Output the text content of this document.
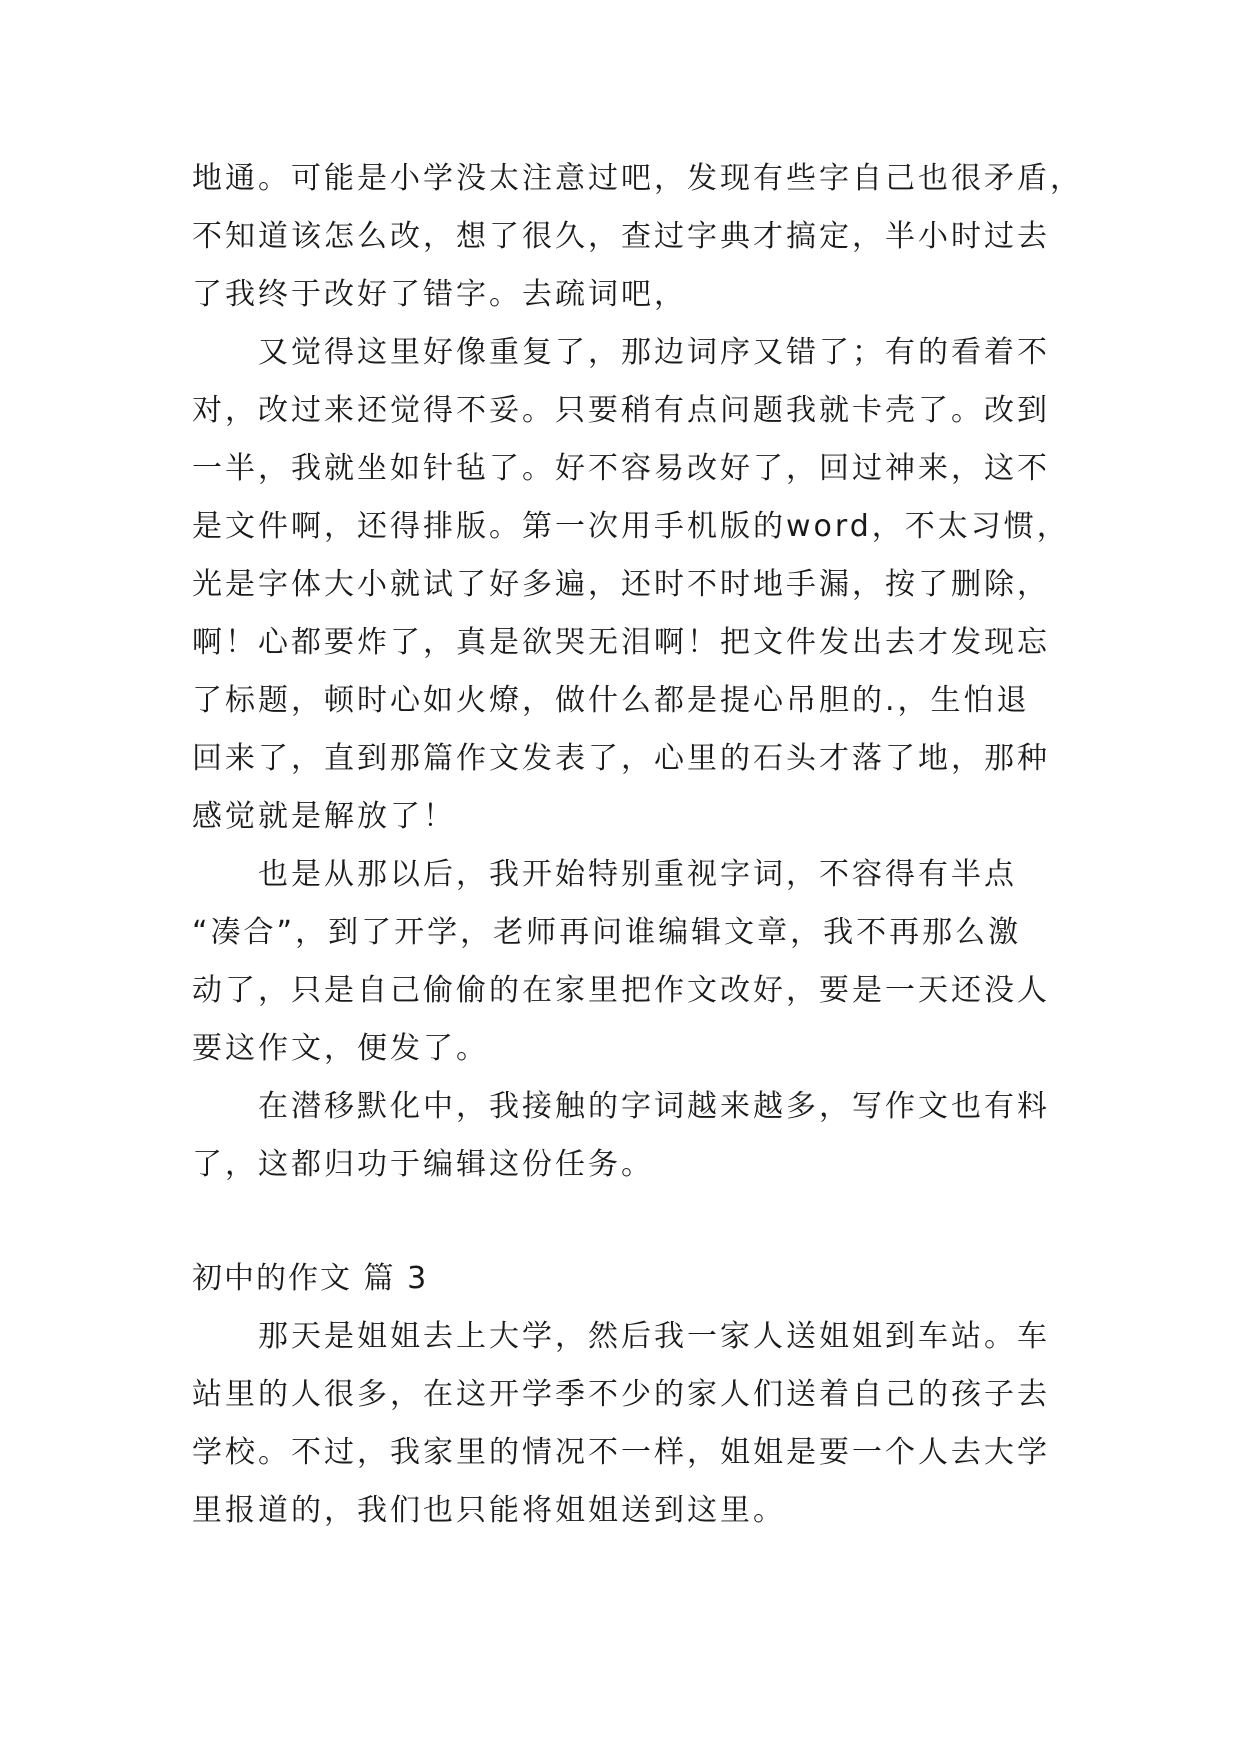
地通。可能是小学没太注意过吧，发现有些字自己也很矛盾，
不知道该怎么改，想了很久，查过字典才搞定，半小时过去
了我终于改好了错字。去疏词吧，
又觉得这里好像重复了，那边词序又错了；有的看着不
对，改过来还觉得不妥。只要稍有点问题我就卡壳了。改到
一半，我就坐如针毡了。好不容易改好了，回过神来，这不
是文件啊，还得排版。第一次用手机版的word，不太习惯，
光是字体大小就试了好多遍，还时不时地手漏，按了删除，
啊！心都要炸了，真是欲哭无泪啊！把文件发出去才发现忘
了标题，顿时心如火燎，做什么都是提心吊胆的.，生怕退
回来了，直到那篇作文发表了，心里的石头才落了地，那种
感觉就是解放了！
也是从那以后，我开始特别重视字词，不容得有半点
“凑合”，到了开学，老师再问谁编辑文章，我不再那么激
动了，只是自己偷偷的在家里把作文改好，要是一天还没人
要这作文，便发了。
在潜移默化中，我接触的字词越来越多，写作文也有料
了，这都归功于编辑这份任务。
初中的作文 篇 3
那天是姐姐去上大学，然后我一家人送姐姐到车站。车
站里的人很多，在这开学季不少的家人们送着自己的孩子去
学校。不过，我家里的情况不一样，姐姐是要一个人去大学
里报道的，我们也只能将姐姐送到这里。
